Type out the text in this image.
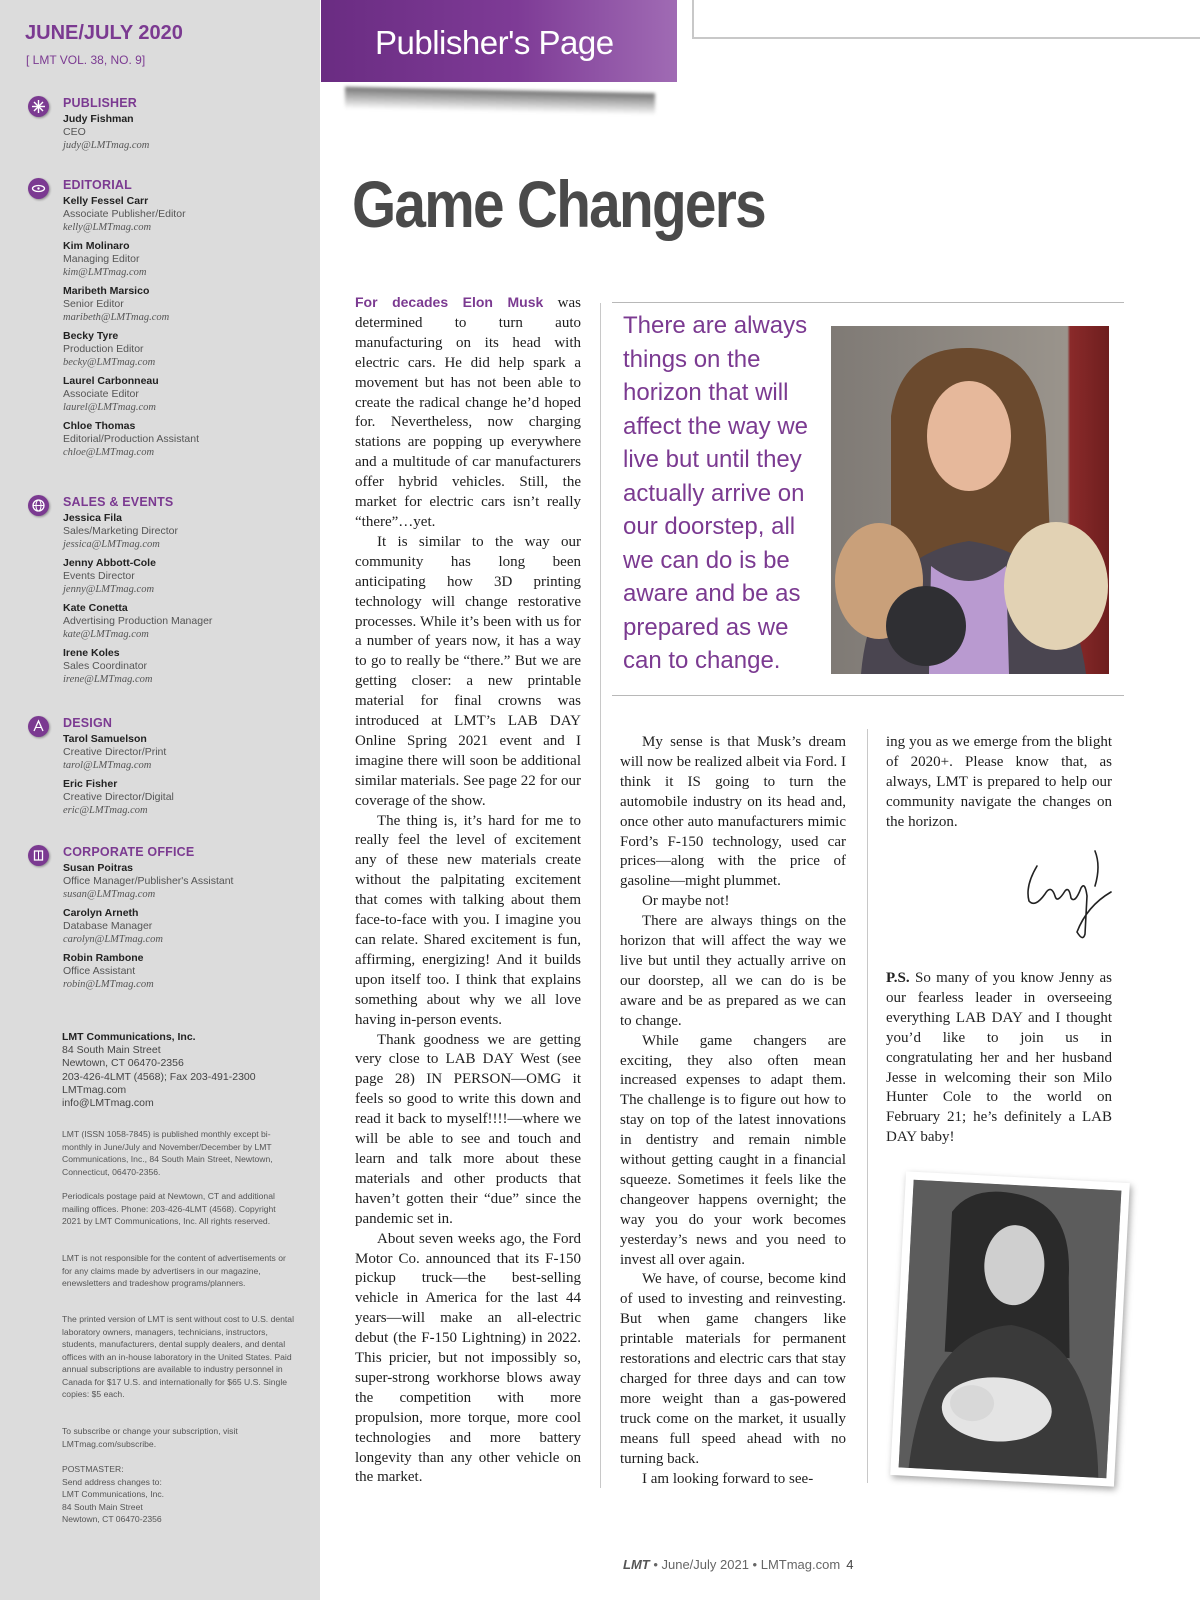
JUNE/JULY 2020
[ LMT VOL. 38, NO. 9]
PUBLISHER
Judy Fishman
CEO
judy@LMTmag.com
EDITORIAL
Kelly Fessel Carr
Associate Publisher/Editor
kelly@LMTmag.com
Kim Molinaro
Managing Editor
kim@LMTmag.com
Maribeth Marsico
Senior Editor
maribeth@LMTmag.com
Becky Tyre
Production Editor
becky@LMTmag.com
Laurel Carbonneau
Associate Editor
laurel@LMTmag.com
Chloe Thomas
Editorial/Production Assistant
chloe@LMTmag.com
SALES & EVENTS
Jessica Fila
Sales/Marketing Director
jessica@LMTmag.com
Jenny Abbott-Cole
Events Director
jenny@LMTmag.com
Kate Conetta
Advertising Production Manager
kate@LMTmag.com
Irene Koles
Sales Coordinator
irene@LMTmag.com
DESIGN
Tarol Samuelson
Creative Director/Print
tarol@LMTmag.com
Eric Fisher
Creative Director/Digital
eric@LMTmag.com
CORPORATE OFFICE
Susan Poitras
Office Manager/Publisher's Assistant
susan@LMTmag.com
Carolyn Arneth
Database Manager
carolyn@LMTmag.com
Robin Rambone
Office Assistant
robin@LMTmag.com
LMT Communications, Inc.
84 South Main Street
Newtown, CT 06470-2356
203-426-4LMT (4568); Fax 203-491-2300
LMTmag.com
info@LMTmag.com
LMT (ISSN 1058-7845) is published monthly except bi-monthly in June/July and November/December by LMT Communications, Inc., 84 South Main Street, Newtown, Connecticut, 06470-2356.
Periodicals postage paid at Newtown, CT and additional mailing offices. Phone: 203-426-4LMT (4568). Copyright 2021 by LMT Communications, Inc. All rights reserved.
LMT is not responsible for the content of advertisements or for any claims made by advertisers in our magazine, enewsletters and tradeshow programs/planners.
The printed version of LMT is sent without cost to U.S. dental laboratory owners, managers, technicians, instructors, students, manufacturers, dental supply dealers, and dental offices with an in-house laboratory in the United States. Paid annual subscriptions are available to industry personnel in Canada for $17 U.S. and internationally for $65 U.S. Single copies: $5 each.
To subscribe or change your subscription, visit LMTmag.com/subscribe.
POSTMASTER:
Send address changes to:
LMT Communications, Inc.
84 South Main Street
Newtown, CT 06470-2356
Publisher's Page
Game Changers

For decades Elon Musk was determined to turn auto manufacturing on its head with electric cars. He did help spark a movement but has not been able to create the radical change he’d hoped for. Nevertheless, now charging stations are popping up everywhere and a multitude of car manufacturers offer hybrid vehicles. Still, the market for electric cars isn’t really “there”…yet.

It is similar to the way our community has long been anticipating how 3D printing technology will change restorative processes. While it’s been with us for a number of years now, it has a way to go to really be “there.” But we are getting closer: a new printable material for final crowns was introduced at LMT’s LAB DAY Online Spring 2021 event and I imagine there will soon be additional similar materials. See page 22 for our coverage of the show.

The thing is, it’s hard for me to really feel the level of excitement any of these new materials create without the palpitating excitement that comes with talking about them face-to-face with you. I imagine you can relate. Shared excitement is fun, affirming, energizing! And it builds upon itself too. I think that explains something about why we all love having in-person events.

Thank goodness we are getting very close to LAB DAY West (see page 28) IN PERSON—OMG it feels so good to write this down and read it back to myself!!!!—where we will be able to see and touch and learn and talk more about these materials and other products that haven’t gotten their “due” since the pandemic set in.

About seven weeks ago, the Ford Motor Co. announced that its F-150 pickup truck—the best-selling vehicle in America for the last 44 years—will make an all-electric debut (the F-150 Lightning) in 2022. This pricier, but not impossibly so, super-strong workhorse blows away the competition with more propulsion, more torque, more cool technologies and more battery longevity than any other vehicle on the market.

There are always things on the horizon that will affect the way we live but until they actually arrive on our doorstep, all we can do is be aware and be as prepared as we can to change.

My sense is that Musk’s dream will now be realized albeit via Ford. I think it IS going to turn the automobile industry on its head and, once other auto manufacturers mimic Ford’s F-150 technology, used car prices—along with the price of gasoline—might plummet.

Or maybe not!

There are always things on the horizon that will affect the way we live but until they actually arrive on our doorstep, all we can do is be aware and be as prepared as we can to change.

While game changers are exciting, they also often mean increased expenses to adapt them. The challenge is to figure out how to stay on top of the latest innovations in dentistry and remain nimble without getting caught in a financial squeeze. Sometimes it feels like the changeover happens overnight; the way you do your work becomes yesterday’s news and you need to invest all over again.

We have, of course, become kind of used to investing and reinvesting. But when game changers like printable materials for permanent restorations and electric cars that stay charged for three days and can tow more weight than a gas-powered truck come on the market, it usually means full speed ahead with no turning back.

I am looking forward to see-

ing you as we emerge from the blight of 2020+. Please know that, as always, LMT is prepared to help our community navigate the changes on the horizon.

P.S. So many of you know Jenny as our fearless leader in overseeing everything LAB DAY and I thought you’d like to join us in congratulating her and her husband Jesse in welcoming their son Milo Hunter Cole to the world on February 21; he’s definitely a LAB DAY baby!
LMT • June/July 2021 • LMTmag.com 4
